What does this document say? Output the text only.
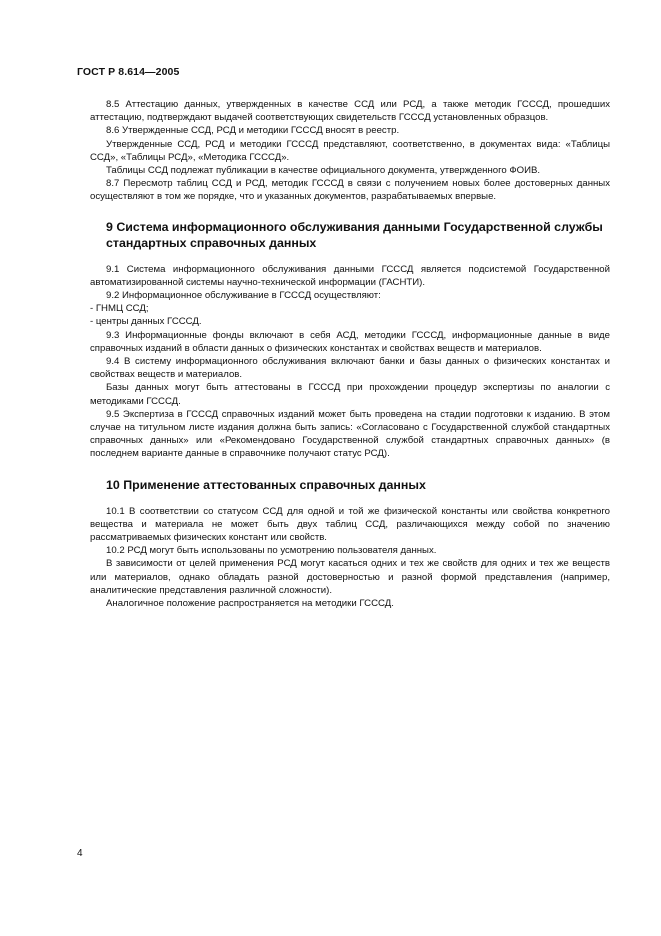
ГОСТ Р 8.614—2005

8.5 Аттестацию данных, утвержденных в качестве ССД или РСД, а также методик ГСССД, прошедших аттестацию, подтверждают выдачей соответствующих свидетельств ГСССД установленных образцов.

8.6 Утвержденные ССД, РСД и методики ГСССД вносят в реестр.

Утвержденные ССД, РСД и методики ГСССД представляют, соответственно, в документах вида: «Таблицы ССД», «Таблицы РСД», «Методика ГСССД».

Таблицы ССД подлежат публикации в качестве официального документа, утвержденного ФОИВ.

8.7 Пересмотр таблиц ССД и РСД, методик ГСССД в связи с получением новых более достоверных данных осуществляют в том же порядке, что и указанных документов, разрабатываемых впервые.

9 Система информационного обслуживания данными Государственной службы стандартных справочных данных

9.1 Система информационного обслуживания данными ГСССД является подсистемой Государственной автоматизированной системы научно-технической информации (ГАСНТИ).

9.2 Информационное обслуживание в ГСССД осуществляют:

- ГНМЦ ССД;

- центры данных ГСССД.

9.3 Информационные фонды включают в себя АСД, методики ГСССД, информационные данные в виде справочных изданий в области данных о физических константах и свойствах веществ и материалов.

9.4 В систему информационного обслуживания включают банки и базы данных о физических константах и свойствах веществ и материалов.

Базы данных могут быть аттестованы в ГСССД при прохождении процедур экспертизы по аналогии с методиками ГСССД.

9.5 Экспертиза в ГСССД справочных изданий может быть проведена на стадии подготовки к изданию. В этом случае на титульном листе издания должна быть запись: «Согласовано с Государственной службой стандартных справочных данных» или «Рекомендовано Государственной службой стандартных справочных данных» (в последнем варианте данные в справочнике получают статус РСД).

10 Применение аттестованных справочных данных

10.1 В соответствии со статусом ССД для одной и той же физической константы или свойства конкретного вещества и материала не может быть двух таблиц ССД, различающихся между собой по значению рассматриваемых физических констант или свойств.

10.2 РСД могут быть использованы по усмотрению пользователя данных.

В зависимости от целей применения РСД могут касаться одних и тех же свойств для одних и тех же веществ или материалов, однако обладать разной достоверностью и разной формой представления (например, аналитические представления различной сложности).

Аналогичное положение распространяется на методики ГСССД.

4
